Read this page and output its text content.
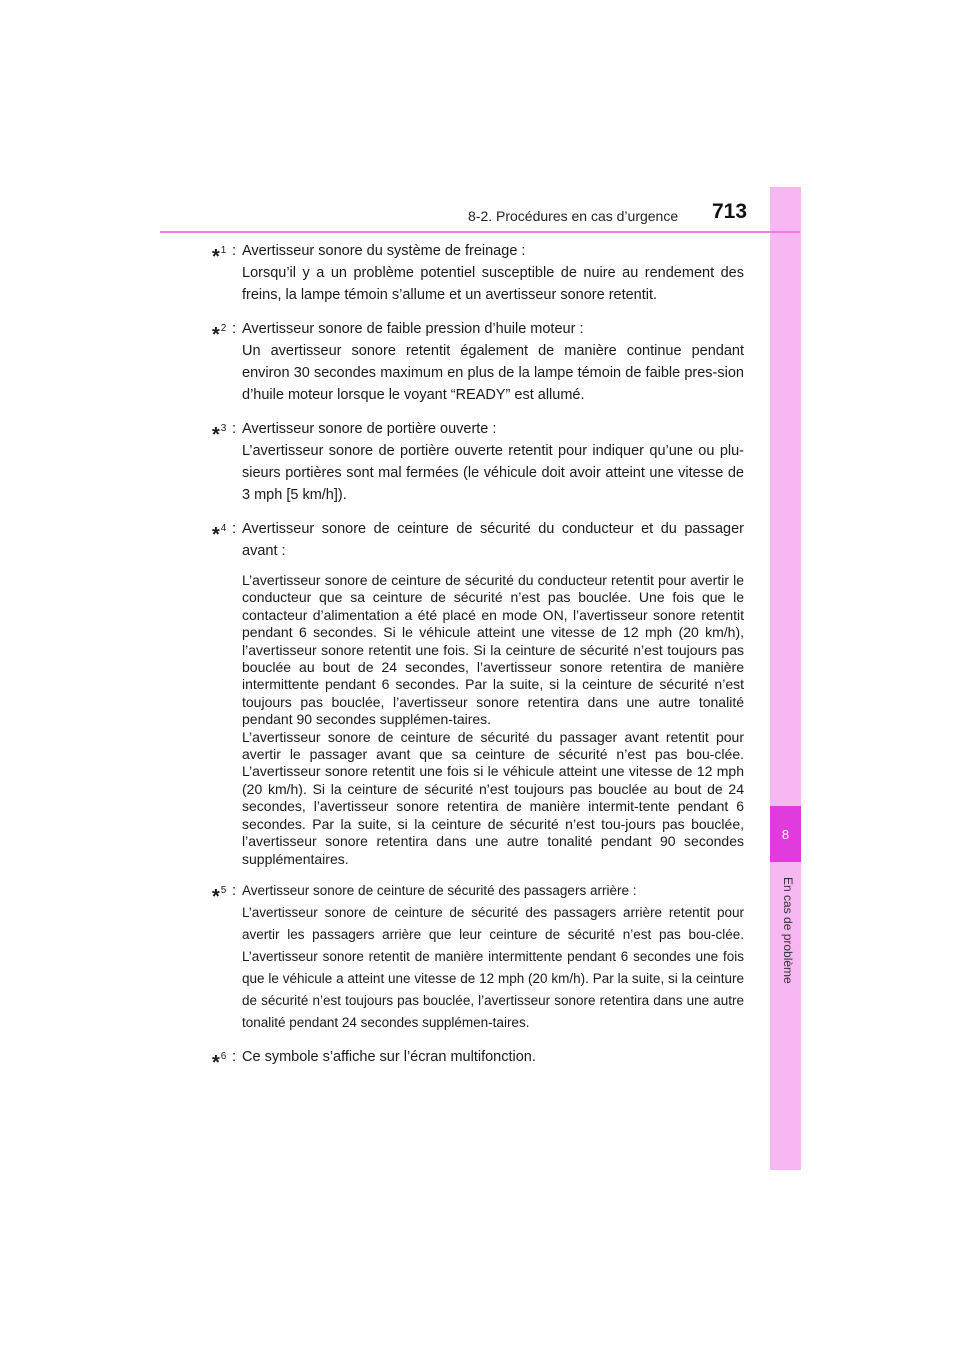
8
En cas de problème
8-2. Procédures en cas d’urgence 713
*$^1$ : Avertisseur sonore du système de freinage :
Lorsqu’il y a un problème potentiel susceptible de nuire au rendement des freins, la lampe témoin s’allume et un avertisseur sonore retentit.
*$^2$ : Avertisseur sonore de faible pression d’huile moteur :
Un avertisseur sonore retentit également de manière continue pendant environ 30 secondes maximum en plus de la lampe témoin de faible pres-sion d’huile moteur lorsque le voyant “READY” est allumé.
*$^3$ : Avertisseur sonore de portière ouverte :
L’avertisseur sonore de portière ouverte retentit pour indiquer qu’une ou plu-sieurs portières sont mal fermées (le véhicule doit avoir atteint une vitesse de 3 mph [5 km/h]).
*$^4$ : Avertisseur sonore de ceinture de sécurité du conducteur et du passager avant :

L’avertisseur sonore de ceinture de sécurité du conducteur retentit pour avertir le conducteur que sa ceinture de sécurité n’est pas bouclée. Une fois que le contacteur d’alimentation a été placé en mode ON, l’avertisseur sonore retentit pendant 6 secondes. Si le véhicule atteint une vitesse de 12 mph (20 km/h), l’avertisseur sonore retentit une fois. Si la ceinture de sécurité n’est toujours pas bouclée au bout de 24 secondes, l’avertisseur sonore retentira de manière intermittente pendant 6 secondes. Par la suite, si la ceinture de sécurité n’est toujours pas bouclée, l’avertisseur sonore retentira dans une autre tonalité pendant 90 secondes supplémen-taires.

L’avertisseur sonore de ceinture de sécurité du passager avant retentit pour avertir le passager avant que sa ceinture de sécurité n’est pas bou-clée. L’avertisseur sonore retentit une fois si le véhicule atteint une vitesse de 12 mph (20 km/h). Si la ceinture de sécurité n’est toujours pas bouclée au bout de 24 secondes, l’avertisseur sonore retentira de manière intermit-tente pendant 6 secondes. Par la suite, si la ceinture de sécurité n’est tou-jours pas bouclée, l’avertisseur sonore retentira dans une autre tonalité pendant 90 secondes supplémentaires.

*$^5$ : Avertisseur sonore de ceinture de sécurité des passagers arrière :
L’avertisseur sonore de ceinture de sécurité des passagers arrière retentit pour avertir les passagers arrière que leur ceinture de sécurité n’est pas bou-clée. L’avertisseur sonore retentit de manière intermittente pendant 6 secondes une fois que le véhicule a atteint une vitesse de 12 mph (20 km/h). Par la suite, si la ceinture de sécurité n’est toujours pas bouclée, l’avertisseur sonore retentira dans une autre tonalité pendant 24 secondes supplémen-taires.
*$^6$ : Ce symbole s’affiche sur l’écran multifonction.
